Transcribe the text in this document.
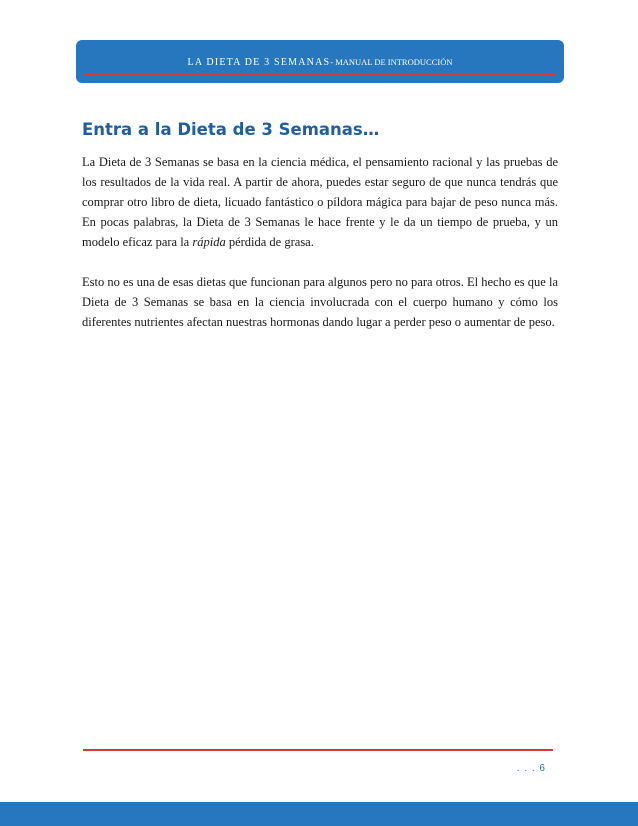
LA DIETA DE 3 SEMANAS- MANUAL DE INTRODUCCIÓN
Entra a la Dieta de 3 Semanas…

La Dieta de 3 Semanas se basa en la ciencia médica, el pensamiento racional y las pruebas de los resultados de la vida real. A partir de ahora, puedes estar seguro de que nunca tendrás que comprar otro libro de dieta, licuado fantástico o píldora mágica para bajar de peso nunca más. En pocas palabras, la Dieta de 3 Semanas le hace frente y le da un tiempo de prueba, y un modelo eficaz para la rápida pérdida de grasa.

Esto no es una de esas dietas que funcionan para algunos pero no para otros. El hecho es que la Dieta de 3 Semanas se basa en la ciencia involucrada con el cuerpo humano y cómo los diferentes nutrientes afectan nuestras hormonas dando lugar a perder peso o aumentar de peso.

. . . 6
